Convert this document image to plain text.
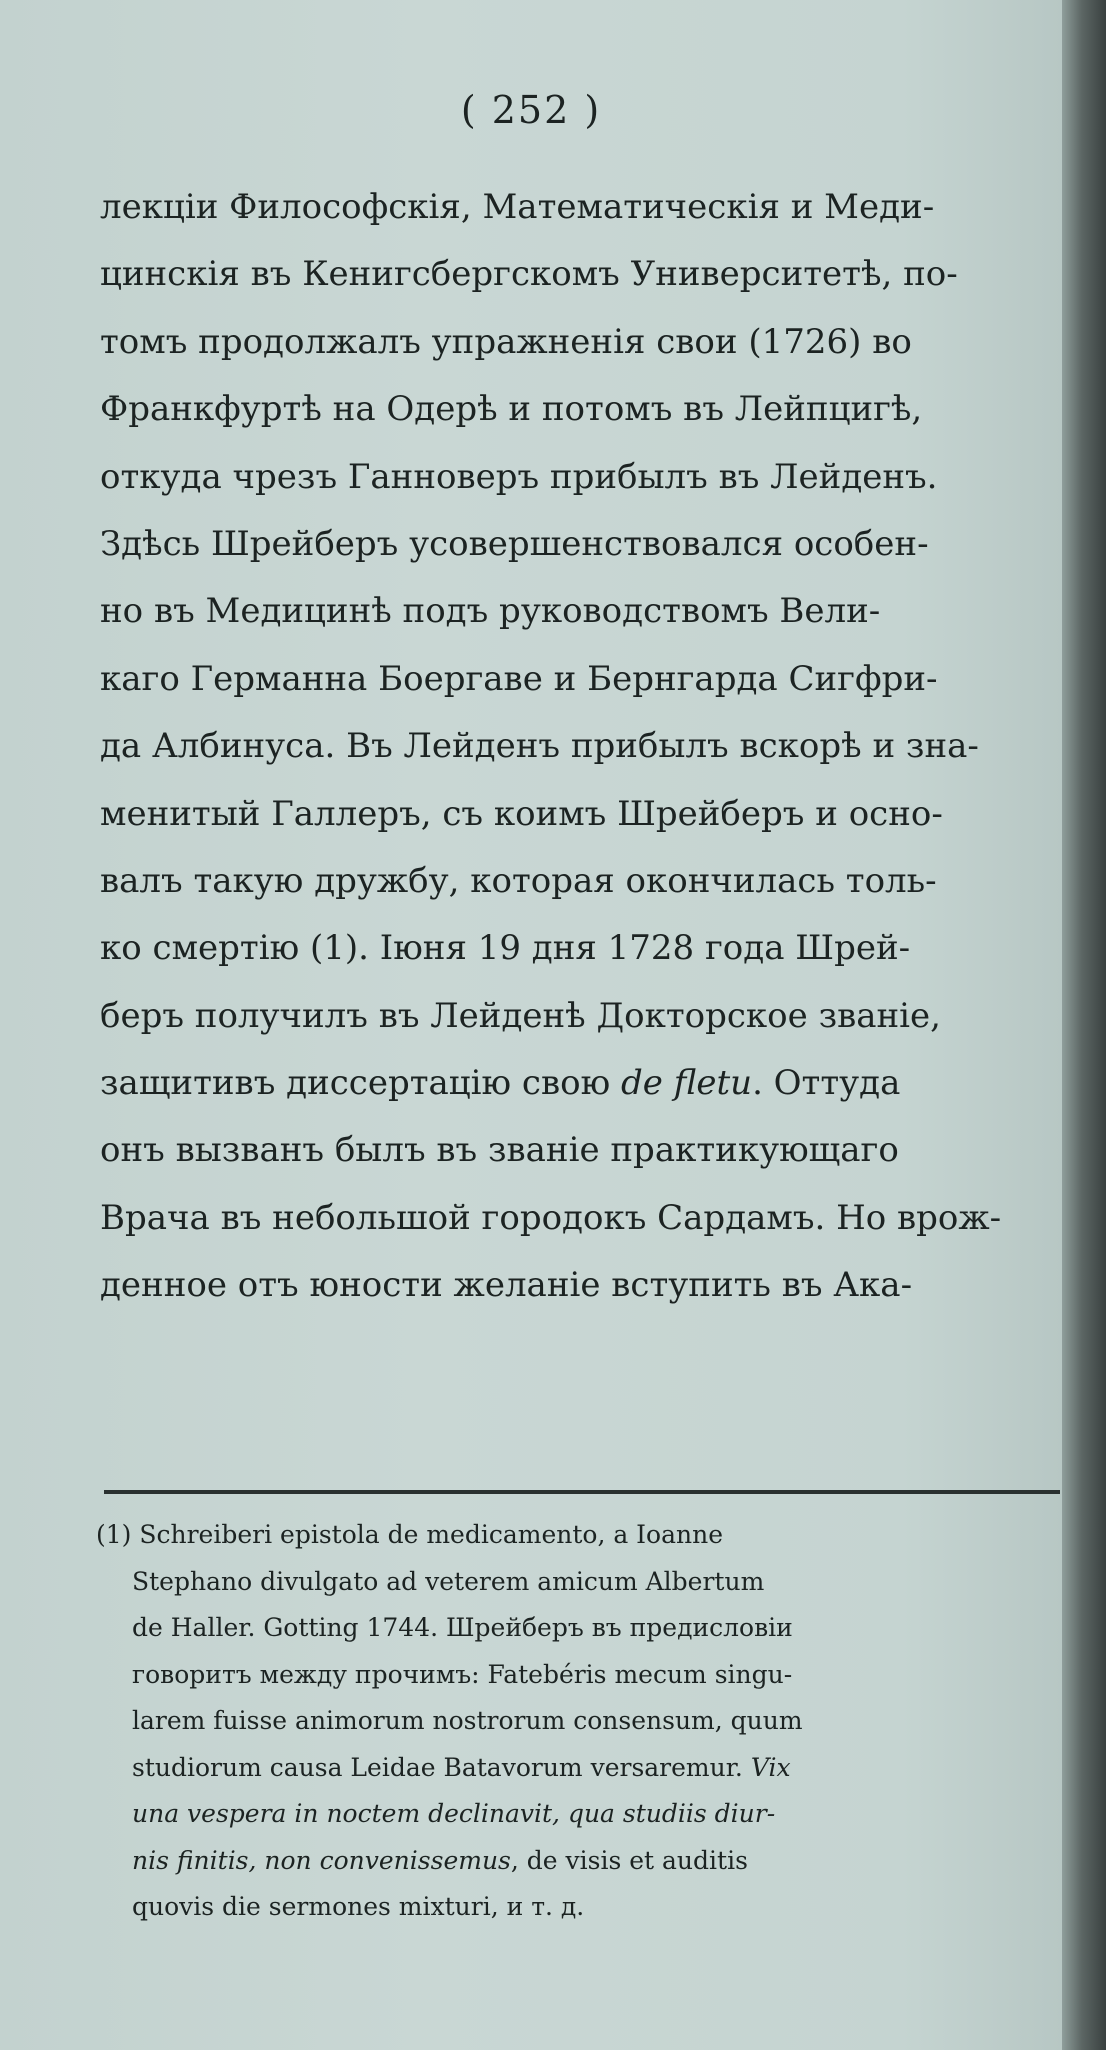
( 252 )
лекціи Философскія, Математическія и Меди-
цинскія въ Кенигсбергскомъ Университетѣ, по-
томъ продолжалъ упражненія свои (1726) во
Франкфуртѣ на Одерѣ и потомъ въ Лейпцигѣ,
откуда чрезъ Ганноверъ прибылъ въ Лейденъ.
Здѣсь Шрейберъ усовершенствовался особен-
но въ Медицинѣ подъ руководствомъ Вели-
каго Германна Боергаве и Бернгарда Сигфри-
да Албинуса. Въ Лейденъ прибылъ вскорѣ и зна-
менитый Галлеръ, съ коимъ Шрейберъ и осно-
валъ такую дружбу, которая окончилась толь-
ко смертію (1). Іюня 19 дня 1728 года Шрей-
беръ получилъ въ Лейденѣ Докторское званіе,
защитивъ диссертацію свою de fletu. Оттуда
онъ вызванъ былъ въ званіе практикующаго
Врача въ небольшой городокъ Сардамъ. Но врож-
денное отъ юности желаніе вступить въ Ака-
(1) Schreiberi epistola de medicamento, a Ioanne
Stephano divulgato ad veterem amicum Albertum
de Haller. Gotting 1744. Шрейберъ въ предисловіи
говоритъ между прочимъ: Fatebéris mecum singu-
larem fuisse animorum nostrorum consensum, quum
studiorum causa Leidae Batavorum versaremur. Vix
una vespera in noctem declinavit, qua studiis diur-
nis finitis, non convenissemus, de visis et auditis
quovis die sermones mixturi, и т. д.
